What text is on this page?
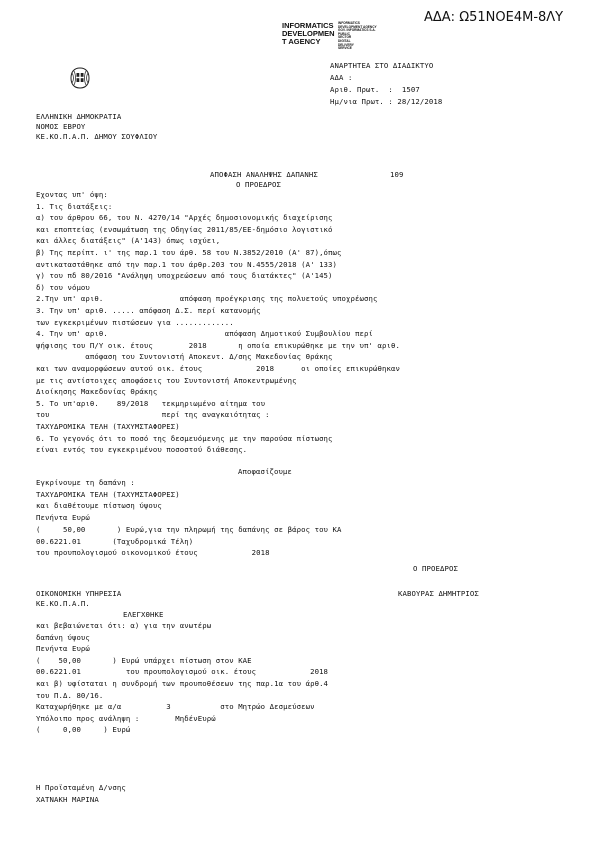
ΑΔΑ: Ω51ΝΟΕ4Μ-8ΛΥ
INFORMATICS
DEVELOPMEN
T AGENCY
INFORMATICS
DEVELOPMENT AGENCY
GOV. INFORMATICS S.A.
PUBLIC
SECTOR
DIGITAL
DELIVERY
SERVICE
ΑΝΑΡΤΗΤΕΑ ΣΤΟ ΔΙΑΔΙΚΤΥΟ
ΑΔΑ :
Αριθ. Πρωτ.  :  1507
Ημ/νια Πρωτ. : 28/12/2018
ΕΛΛΗΝΙΚΗ ΔΗΜΟΚΡΑΤΙΑ
ΝΟΜΟΣ ΕΒΡΟΥ
ΚΕ.ΚΟ.Π.Α.Π. ΔΗΜΟΥ ΣΟΥΦΛΙΟΥ
ΑΠΟΦΑΣΗ ΑΝΑΛΗΨΗΣ ΔΑΠΑΝΗΣ	109
Ο ΠΡΟΕΔΡΟΣ
Εχοντας υπ' όψη:
1. Τις διατάξεις:
α) του άρθρου 66, του Ν. 4270/14 "Αρχές δημοσιονομικής διαχείρισης
και εποπτείας (ενσωμάτωση της Οδηγίας 2011/85/ΕΕ-δημόσιο λογιστικό
και άλλες διατάξεις" (Α'143) όπως ισχύει,
β) Της περίπτ. ι' της παρ.1 του άρθ. 58 του Ν.3852/2010 (Α' 87),όπως
αντικαταστάθηκε από την παρ.1 του άρθρ.203 του Ν.4555/2018 (Α' 133)
γ) του πδ 80/2016 "Ανάληψη υποχρεώσεων από τους διατάκτες" (Α'145)
δ) του νόμου
2.Την υπ' αριθ.                 απόφαση προέγκρισης της πολυετούς υποχρέωσης
3. Την υπ' αριθ. ..... απόφαση Δ.Σ. περί κατανομής
των εγκεκριμένων πιστώσεων για .............
4. Την υπ' αριθ.                          απόφαση Δημοτικού Συμβουλίου περί
ψήφισης του Π/Υ οικ. έτους        2018       η οποία επικυρώθηκε με την υπ' αριθ.
απόφαση του Συντονιστή Αποκεντ. Δ/σης Μακεδονίας Θράκης
και των αναμορφώσεων αυτού οικ. έτους            2018      οι οποίες επικυρώθηκαν
με τις αντίστοιχες αποφάσεις του Συντονιστή Αποκεντρωμένης
Διοίκησης Μακεδονίας Θράκης
5. Το υπ'αριθ.    89/2018   τεκμηριωμένο αίτημα του
του                         περί της αναγκαιότητας :
ΤΑΧΥΔΡΟΜΙΚΑ ΤΕΛΗ (ΤΑΧΥΜΣΤΑΦΟΡΕΣ)
6. Το γεγονός ότι το ποσό της δεσμευόμενης με την παρούσα πίστωσης
είναι εντός του εγκεκριμένου ποσοστού διάθεσης.
Αποφασίζουμε
Εγκρίνουμε τη δαπάνη :
ΤΑΧΥΔΡΟΜΙΚΑ ΤΕΛΗ (ΤΑΧΥΜΣΤΑΦΟΡΕΣ)
και διαθέτουμε πίστωση ύψους
Πενήντα Ευρώ
(     50,00       ) Ευρώ,για την πληρωμή της δαπάνης σε βάρος του ΚΑ
00.6221.01       (Ταχυδρομικά Τέλη)
του προυπολογισμού οικονομικού έτους            2018
Ο ΠΡΟΕΔΡΟΣ
ΟΙΚΟΝΟΜΙΚΗ ΥΠΗΡΕΣΙΑ	ΚΑΒΟΥΡΑΣ ΔΗΜΗΤΡΙΟΣ
ΚΕ.ΚΟ.Π.Α.Π.
ΕΛΕΓΧΘΗΚΕ
και βεβαιώνεται ότι: α) για την ανωτέρω
δαπάνη ύψους
Πενήντα Ευρώ
(    50,00       ) Ευρώ υπάρχει πίστωση στον ΚΑΕ
00.6221.01          του προυπολογισμού οικ. έτους            2018
και β) υφίσταται η συνδρομή των προυποθέσεων της παρ.1α του άρθ.4
του Π.Δ. 80/16.
Καταχωρήθηκε με α/α          3           στο Μητρώο Δεσμεύσεων
Υπόλοιπο προς ανάληψη :        ΜηδένΕυρώ
(     0,00     ) Ευρώ
Η Προϊσταμένη Δ/νσης
ΧΑΤΝΑΚΗ ΜΑΡΙΝΑ
